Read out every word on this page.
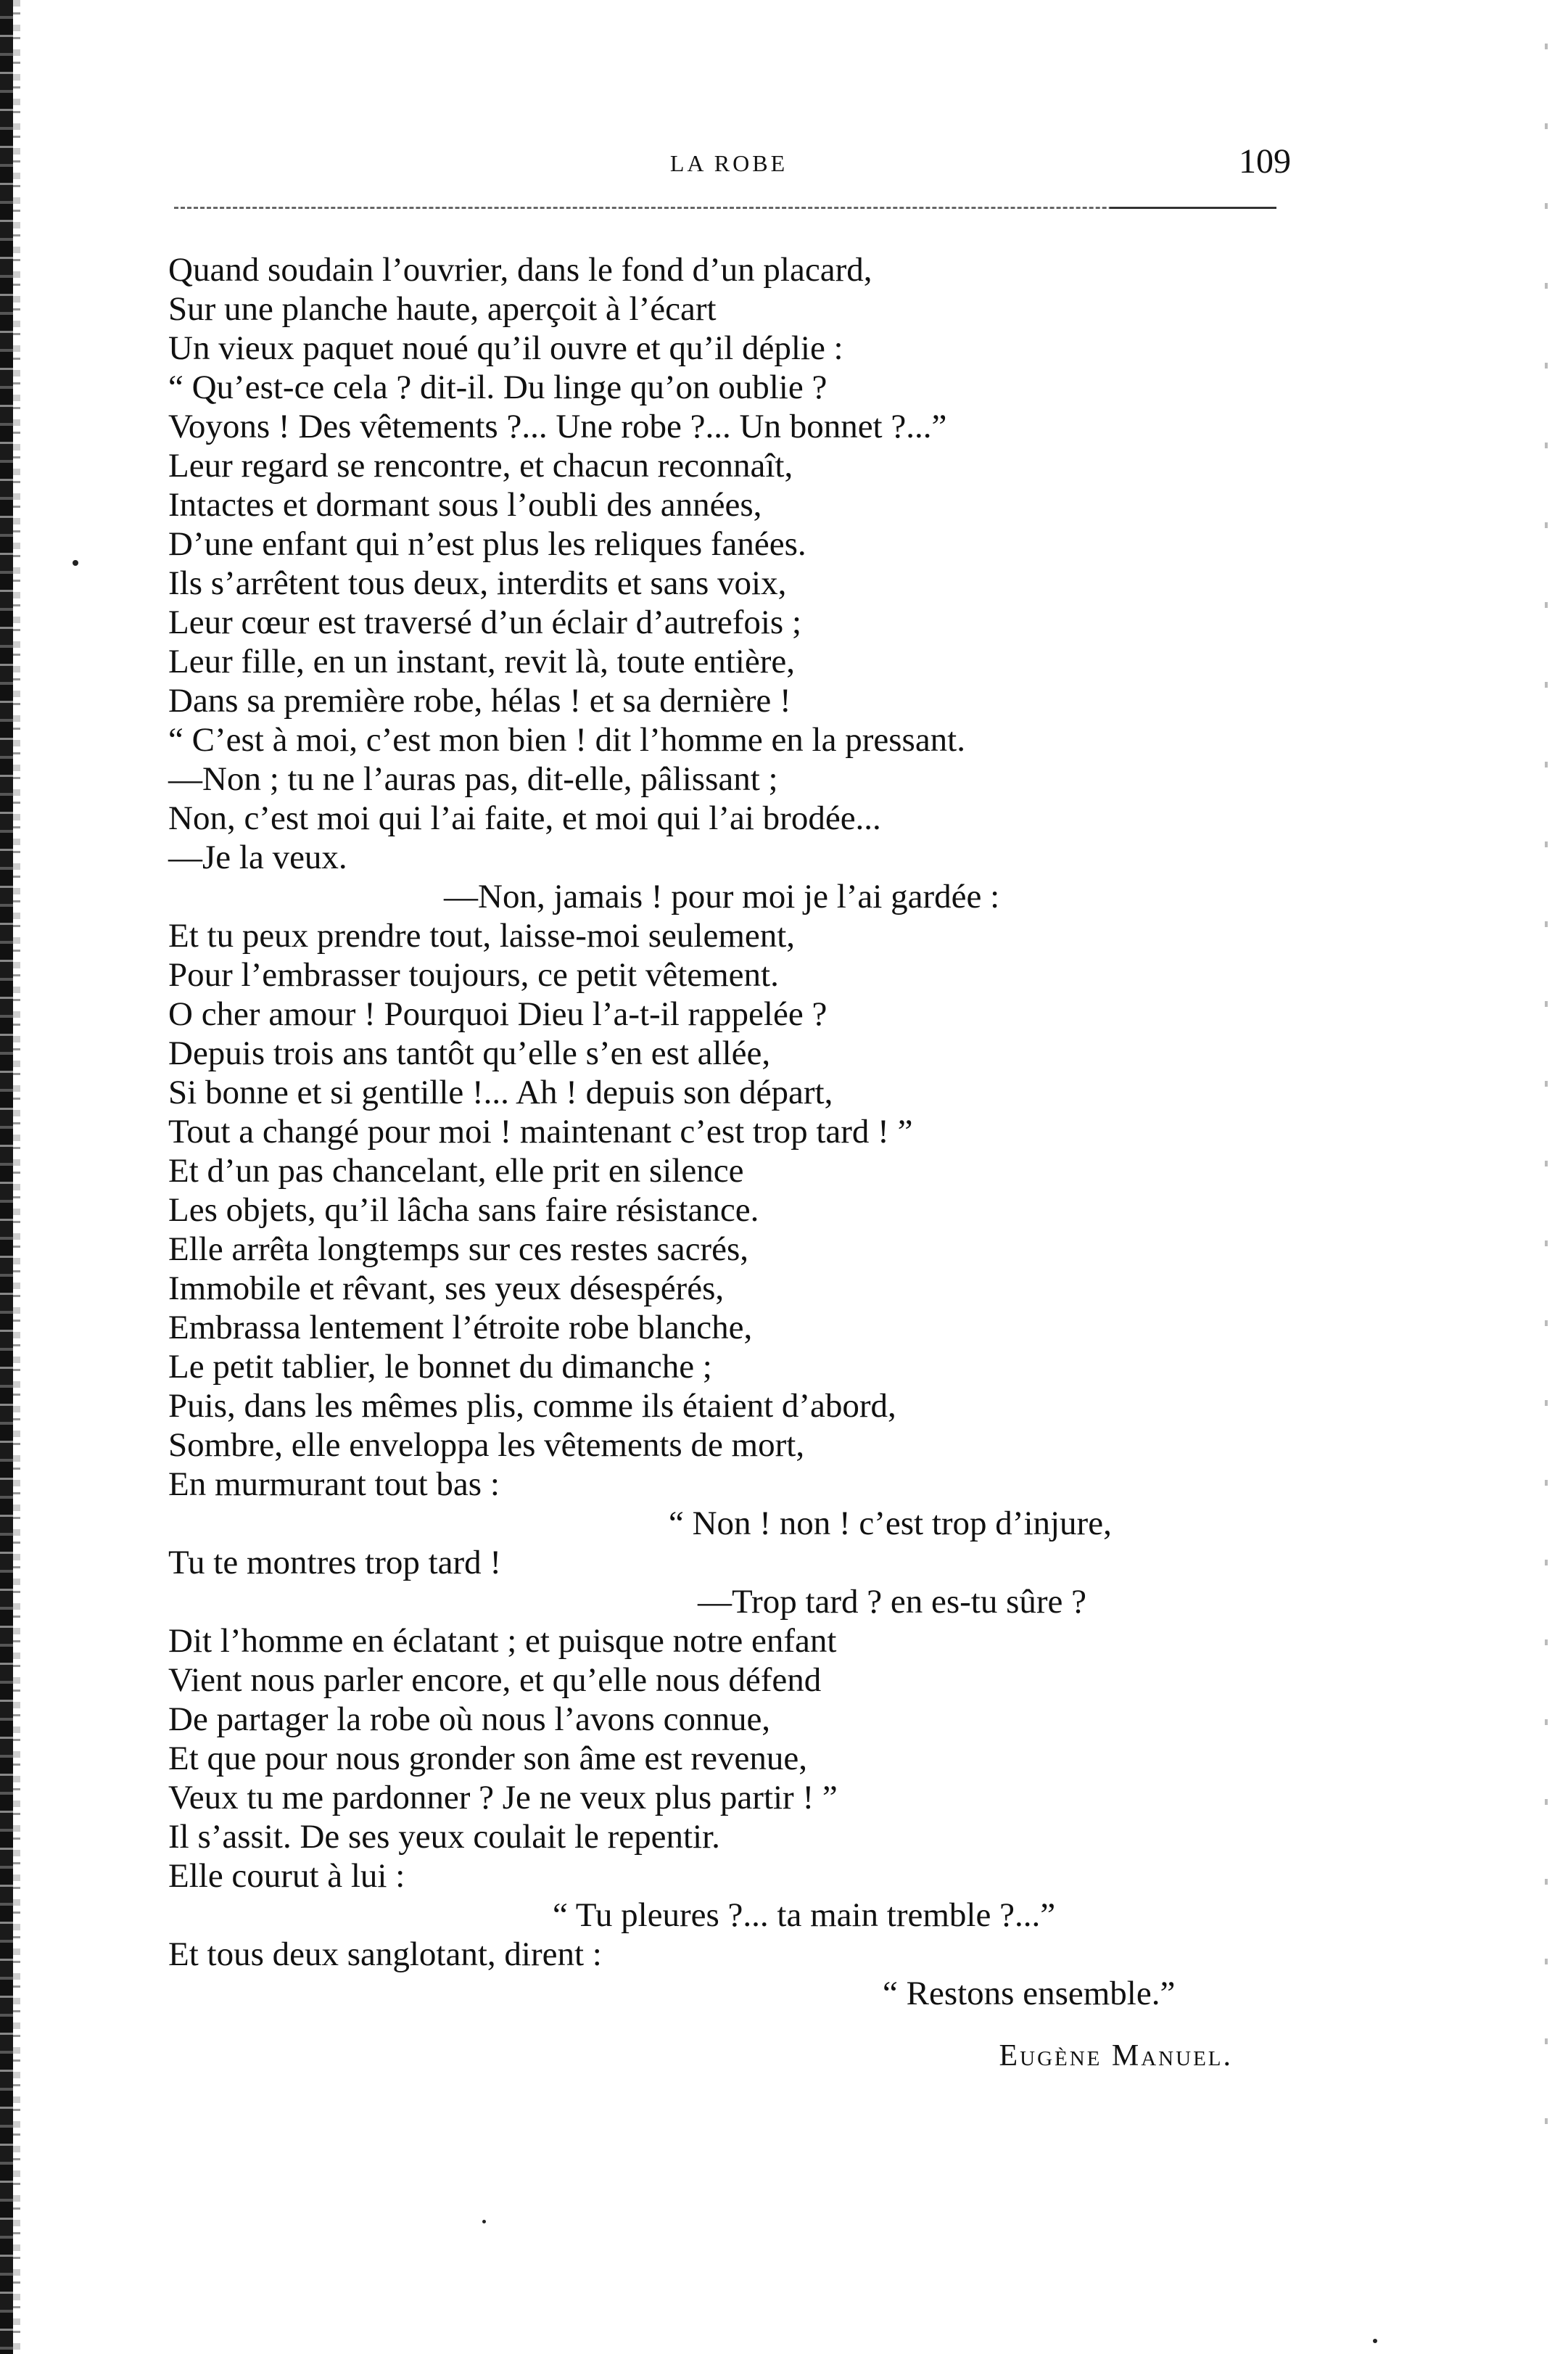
LA ROBE	109
Quand soudain l’ouvrier, dans le fond d’un placard,
Sur une planche haute, aperçoit à l’écart
Un vieux paquet noué qu’il ouvre et qu’il déplie :
“ Qu’est-ce cela ? dit-il. Du linge qu’on oublie ?
Voyons ! Des vêtements ?... Une robe ?... Un bonnet ?...”
Leur regard se rencontre, et chacun reconnaît,
Intactes et dormant sous l’oubli des années,
D’une enfant qui n’est plus les reliques fanées.
Ils s’arrêtent tous deux, interdits et sans voix,
Leur cœur est traversé d’un éclair d’autrefois ;
Leur fille, en un instant, revit là, toute entière,
Dans sa première robe, hélas ! et sa dernière !
“ C’est à moi, c’est mon bien ! dit l’homme en la pressant.
—Non ; tu ne l’auras pas, dit-elle, pâlissant ;
Non, c’est moi qui l’ai faite, et moi qui l’ai brodée...
—Je la veux.
—Non, jamais ! pour moi je l’ai gardée :
Et tu peux prendre tout, laisse-moi seulement,
Pour l’embrasser toujours, ce petit vêtement.
O cher amour ! Pourquoi Dieu l’a-t-il rappelée ?
Depuis trois ans tantôt qu’elle s’en est allée,
Si bonne et si gentille !... Ah ! depuis son départ,
Tout a changé pour moi ! maintenant c’est trop tard ! ”
Et d’un pas chancelant, elle prit en silence
Les objets, qu’il lâcha sans faire résistance.
Elle arrêta longtemps sur ces restes sacrés,
Immobile et rêvant, ses yeux désespérés,
Embrassa lentement l’étroite robe blanche,
Le petit tablier, le bonnet du dimanche ;
Puis, dans les mêmes plis, comme ils étaient d’abord,
Sombre, elle enveloppa les vêtements de mort,
En murmurant tout bas :
“ Non ! non ! c’est trop d’injure,
Tu te montres trop tard !
—Trop tard ? en es-tu sûre ?
Dit l’homme en éclatant ; et puisque notre enfant
Vient nous parler encore, et qu’elle nous défend
De partager la robe où nous l’avons connue,
Et que pour nous gronder son âme est revenue,
Veux tu me pardonner ? Je ne veux plus partir ! ”
Il s’assit. De ses yeux coulait le repentir.
Elle courut à lui :
“ Tu pleures ?... ta main tremble ?...”
Et tous deux sanglotant, dirent :
“ Restons ensemble.”
Eugène Manuel.
